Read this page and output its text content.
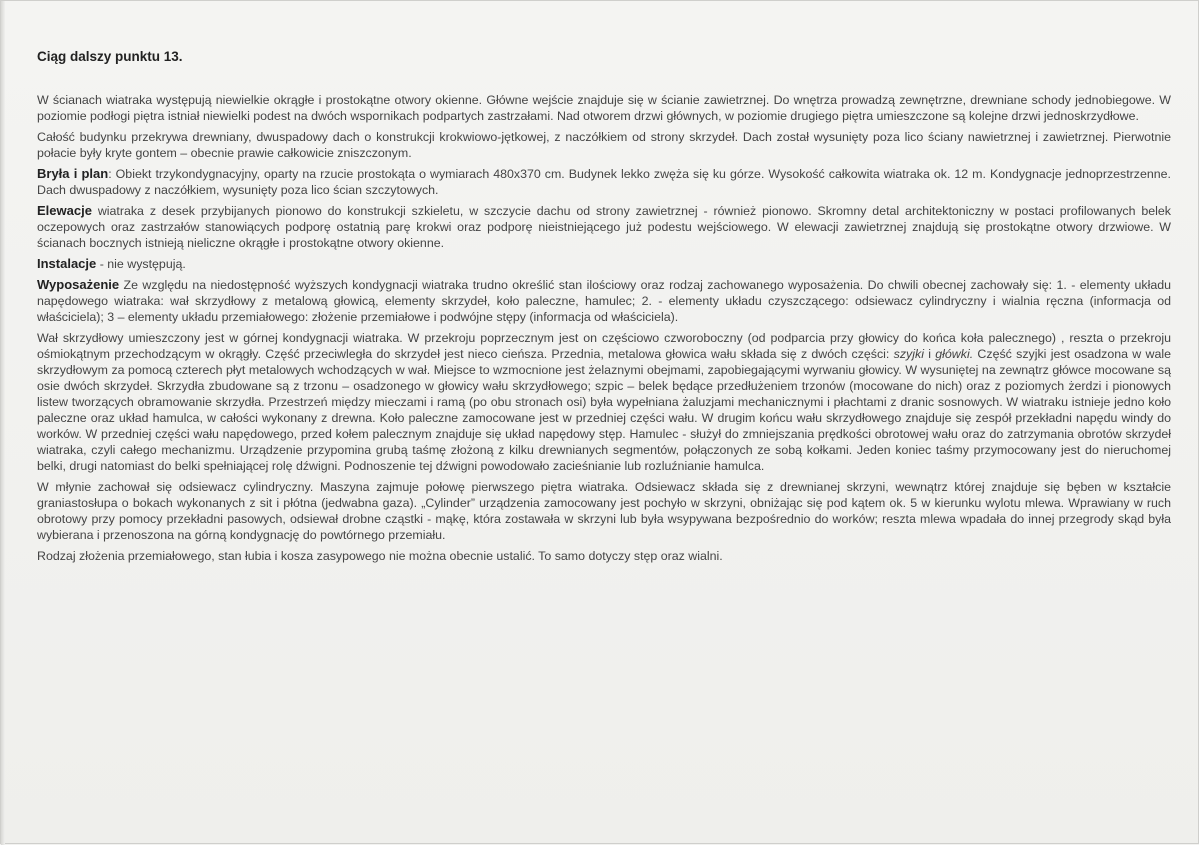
Ciąg dalszy punktu 13.

W ścianach wiatraka występują niewielkie okrągłe i prostokątne otwory okienne. Główne wejście znajduje się w ścianie zawietrznej. Do wnętrza prowadzą zewnętrzne, drewniane schody jednobiegowe. W poziomie podłogi piętra istniał niewielki podest na dwóch wspornikach podpartych zastrzałami. Nad otworem drzwi głównych, w poziomie drugiego piętra umieszczone są kolejne drzwi jednoskrzydłowe.

Całość budynku przekrywa drewniany, dwuspadowy dach o konstrukcji krokwiowo-jętkowej, z naczółkiem od strony skrzydeł. Dach został wysunięty poza lico ściany nawietrznej i zawietrznej. Pierwotnie połacie były kryte gontem – obecnie prawie całkowicie zniszczonym.

Bryła i plan: Obiekt trzykondygnacyjny, oparty na rzucie prostokąta o wymiarach 480x370 cm. Budynek lekko zwęża się ku górze. Wysokość całkowita wiatraka ok. 12 m. Kondygnacje jednoprzestrzenne. Dach dwuspadowy z naczółkiem, wysunięty poza lico ścian szczytowych.

Elewacje wiatraka z desek przybijanych pionowo do konstrukcji szkieletu, w szczycie dachu od strony zawietrznej - również pionowo. Skromny detal architektoniczny w postaci profilowanych belek oczepowych oraz zastrzałów stanowiących podporę ostatnią parę krokwi oraz podporę nieistniejącego już podestu wejściowego. W elewacji zawietrznej znajdują się prostokątne otwory drzwiowe. W ścianach bocznych istnieją nieliczne okrągłe i prostokątne otwory okienne.

Instalacje - nie występują.

Wyposażenie Ze względu na niedostępność wyższych kondygnacji wiatraka trudno określić stan ilościowy oraz rodzaj zachowanego wyposażenia. Do chwili obecnej zachowały się: 1. - elementy układu napędowego wiatraka: wał skrzydłowy z metalową głowicą, elementy skrzydeł, koło paleczne, hamulec; 2. - elementy układu czyszczącego: odsiewacz cylindryczny i wialnia ręczna (informacja od właściciela); 3 – elementy układu przemiałowego: złożenie przemiałowe i podwójne stępy (informacja od właściciela).

Wał skrzydłowy umieszczony jest w górnej kondygnacji wiatraka. W przekroju poprzecznym jest on częściowo czworoboczny (od podparcia przy głowicy do końca koła palecznego) , reszta o przekroju ośmiokątnym przechodzącym w okrągły. Część przeciwległa do skrzydeł jest nieco cieńsza. Przednia, metalowa głowica wału składa się z dwóch części: szyjki i główki. Część szyjki jest osadzona w wale skrzydłowym za pomocą czterech płyt metalowych wchodzących w wał. Miejsce to wzmocnione jest żelaznymi obejmami, zapobiegającymi wyrwaniu głowicy. W wysuniętej na zewnątrz główce mocowane są osie dwóch skrzydeł. Skrzydła zbudowane są z trzonu – osadzonego w głowicy wału skrzydłowego; szpic – belek będące przedłużeniem trzonów (mocowane do nich) oraz z poziomych żerdzi i pionowych listew tworzących obramowanie skrzydła. Przestrzeń między mieczami i ramą (po obu stronach osi) była wypełniana żaluzjami mechanicznymi i płachtami z dranic sosnowych. W wiatraku istnieje jedno koło paleczne oraz układ hamulca, w całości wykonany z drewna. Koło paleczne zamocowane jest w przedniej części wału. W drugim końcu wału skrzydłowego znajduje się zespół przekładni napędu windy do worków. W przedniej części wału napędowego, przed kołem palecznym znajduje się układ napędowy stęp. Hamulec - służył do zmniejszania prędkości obrotowej wału oraz do zatrzymania obrotów skrzydeł wiatraka, czyli całego mechanizmu. Urządzenie przypomina grubą taśmę złożoną z kilku drewnianych segmentów, połączonych ze sobą kołkami. Jeden koniec taśmy przymocowany jest do nieruchomej belki, drugi natomiast do belki spełniającej rolę dźwigni. Podnoszenie tej dźwigni powodowało zacieśnianie lub rozluźnianie hamulca.

W młynie zachował się odsiewacz cylindryczny. Maszyna zajmuje połowę pierwszego piętra wiatraka. Odsiewacz składa się z drewnianej skrzyni, wewnątrz której znajduje się bęben w kształcie graniastosłupa o bokach wykonanych z sit i płótna (jedwabna gaza). „Cylinder” urządzenia zamocowany jest pochyło w skrzyni, obniżając się pod kątem ok. 5 w kierunku wylotu mlewa. Wprawiany w ruch obrotowy przy pomocy przekładni pasowych, odsiewał drobne cząstki - mąkę, która zostawała w skrzyni lub była wsypywana bezpośrednio do worków; reszta mlewa wpadała do innej przegrody skąd była wybierana i przenoszona na górną kondygnację do powtórnego przemiału.

Rodzaj złożenia przemiałowego, stan łubia i kosza zasypowego nie można obecnie ustalić. To samo dotyczy stęp oraz wialni.
